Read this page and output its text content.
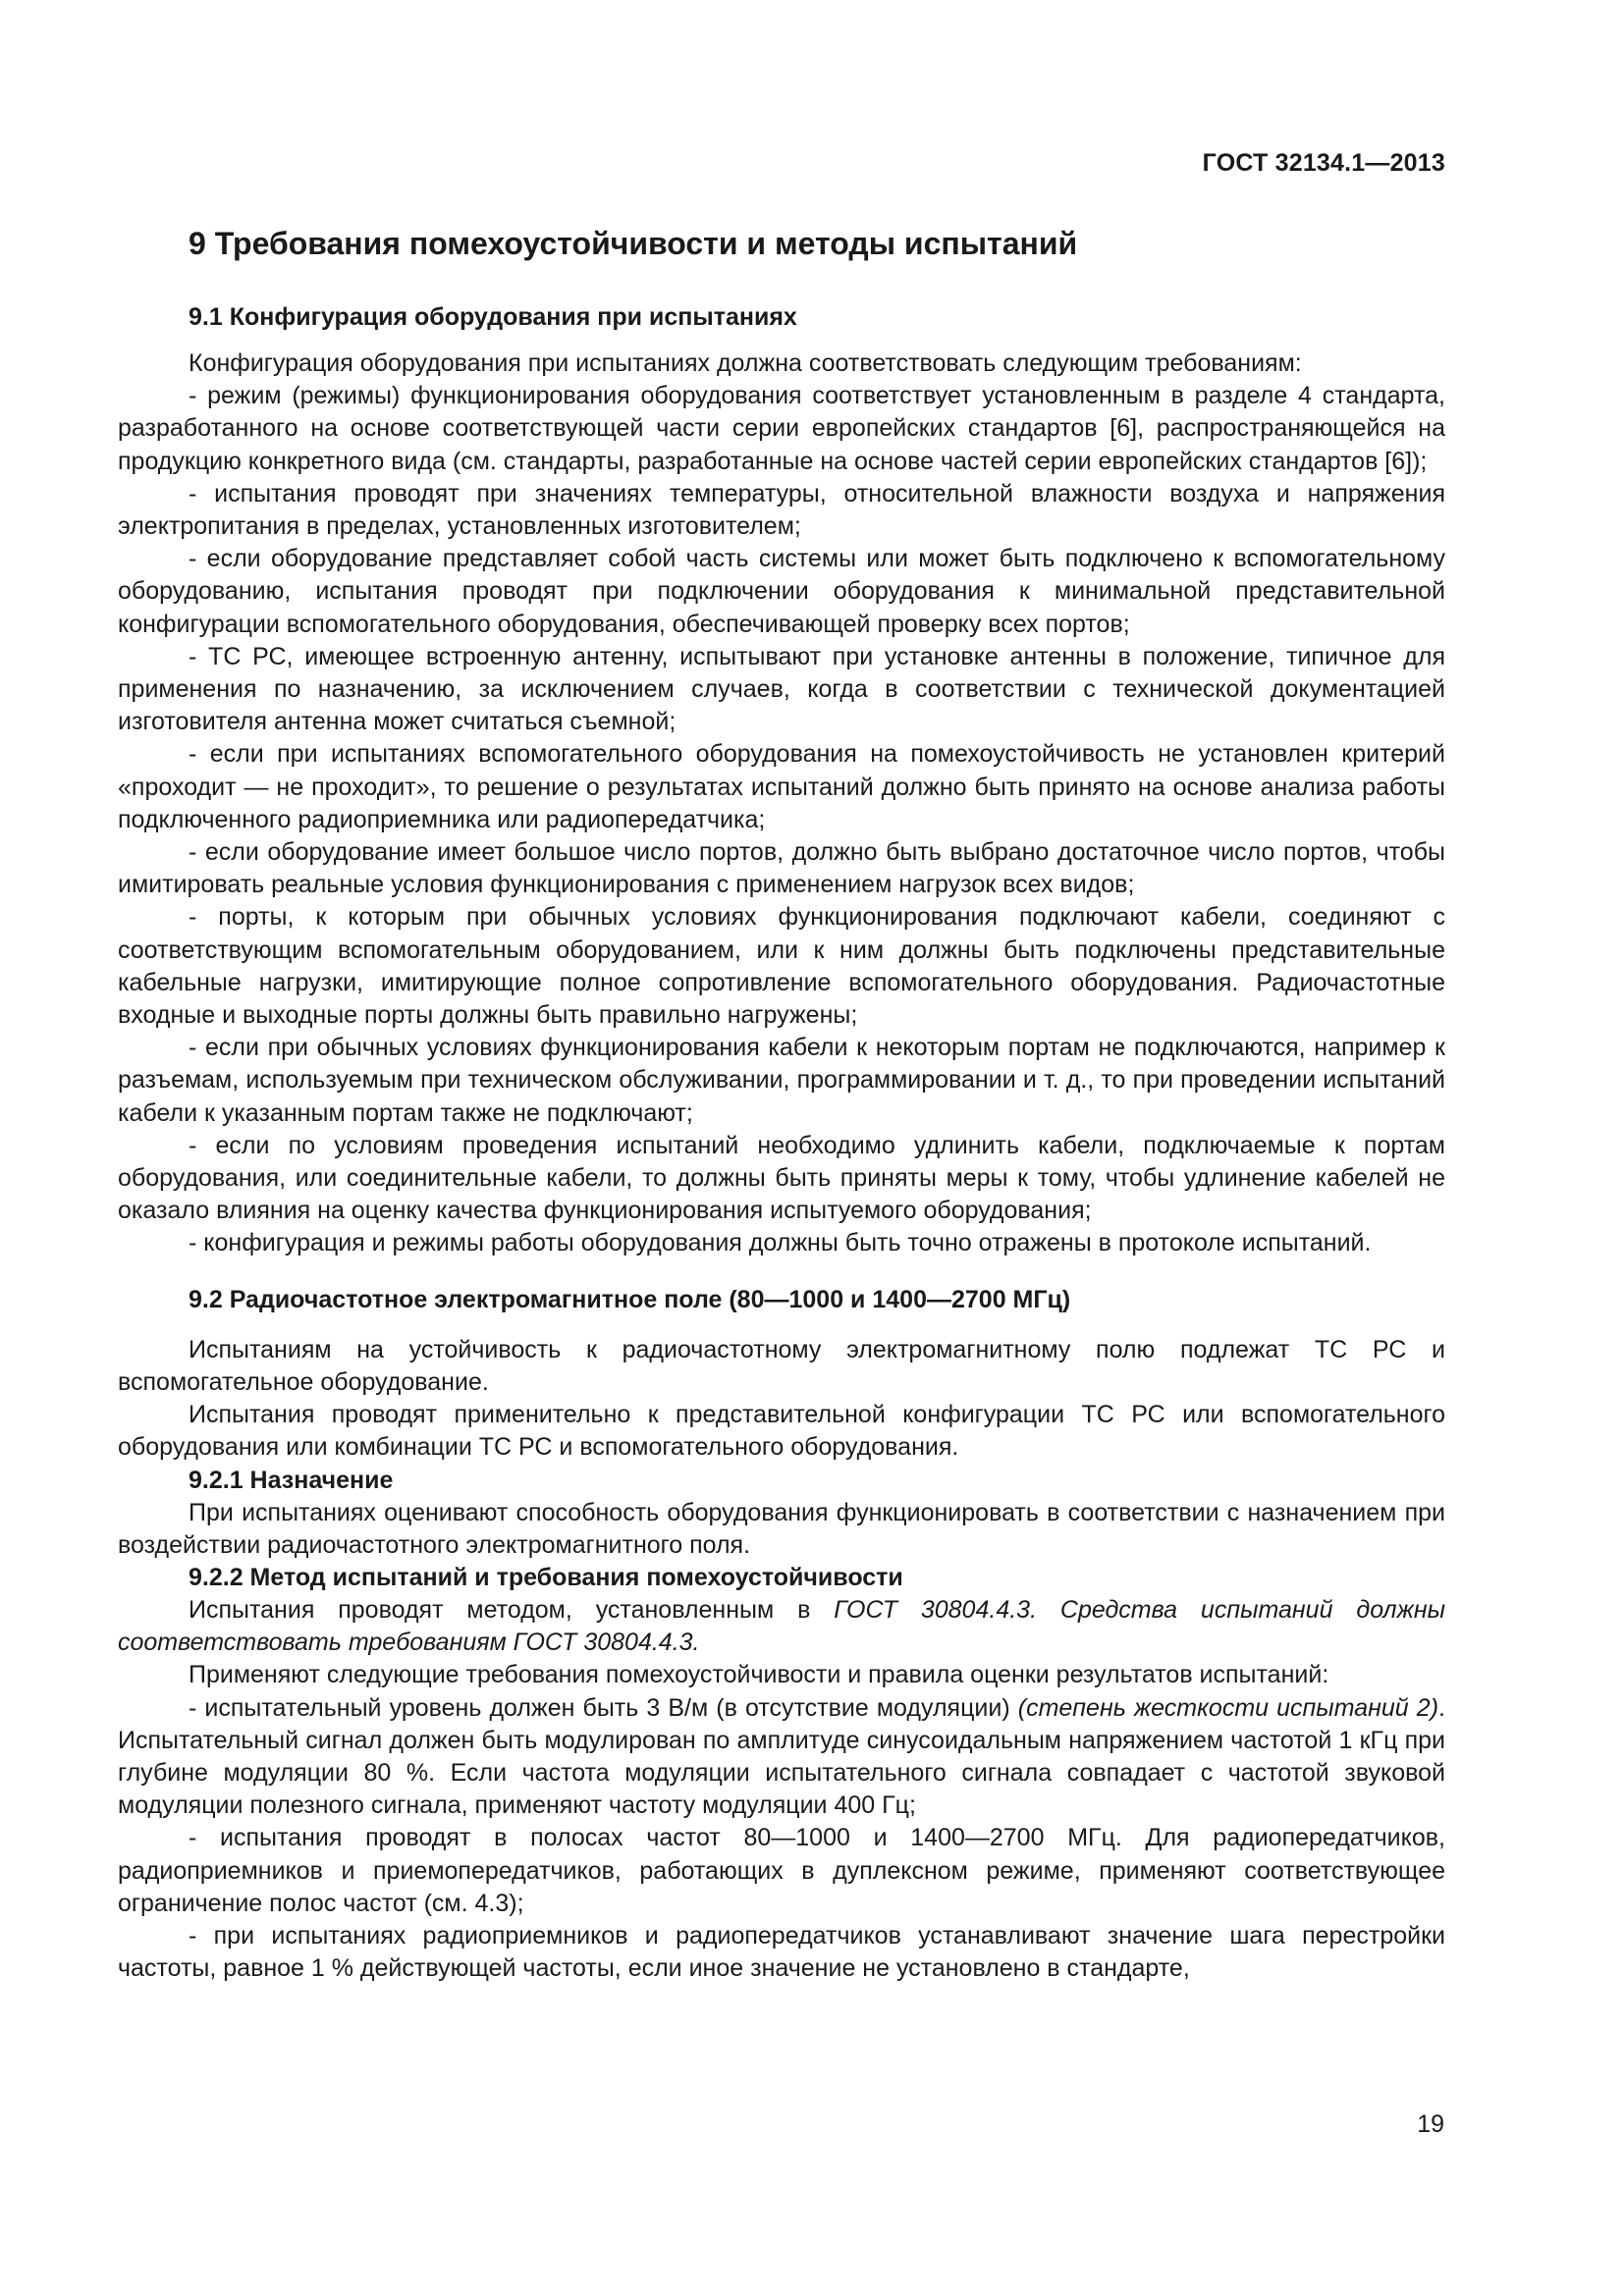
ГОСТ 32134.1—2013
9 Требования помехоустойчивости и методы испытаний
9.1 Конфигурация оборудования при испытаниях

Конфигурация оборудования при испытаниях должна соответствовать следующим требованиям:

- режим (режимы) функционирования оборудования соответствует установленным в разделе 4 стандарта, разработанного на основе соответствующей части серии европейских стандартов [6], распространяющейся на продукцию конкретного вида (см. стандарты, разработанные на основе частей серии европейских стандартов [6]);

- испытания проводят при значениях температуры, относительной влажности воздуха и напряжения электропитания в пределах, установленных изготовителем;

- если оборудование представляет собой часть системы или может быть подключено к вспомогательному оборудованию, испытания проводят при подключении оборудования к минимальной представительной конфигурации вспомогательного оборудования, обеспечивающей проверку всех портов;

- ТС РС, имеющее встроенную антенну, испытывают при установке антенны в положение, типичное для применения по назначению, за исключением случаев, когда в соответствии с технической документацией изготовителя антенна может считаться съемной;

- если при испытаниях вспомогательного оборудования на помехоустойчивость не установлен критерий «проходит — не проходит», то решение о результатах испытаний должно быть принято на основе анализа работы подключенного радиоприемника или радиопередатчика;

- если оборудование имеет большое число портов, должно быть выбрано достаточное число портов, чтобы имитировать реальные условия функционирования с применением нагрузок всех видов;

- порты, к которым при обычных условиях функционирования подключают кабели, соединяют с соответствующим вспомогательным оборудованием, или к ним должны быть подключены представительные кабельные нагрузки, имитирующие полное сопротивление вспомогательного оборудования. Радиочастотные входные и выходные порты должны быть правильно нагружены;

- если при обычных условиях функционирования кабели к некоторым портам не подключаются, например к разъемам, используемым при техническом обслуживании, программировании и т. д., то при проведении испытаний кабели к указанным портам также не подключают;

- если по условиям проведения испытаний необходимо удлинить кабели, подключаемые к портам оборудования, или соединительные кабели, то должны быть приняты меры к тому, чтобы удлинение кабелей не оказало влияния на оценку качества функционирования испытуемого оборудования;

- конфигурация и режимы работы оборудования должны быть точно отражены в протоколе испытаний.

9.2 Радиочастотное электромагнитное поле (80—1000 и 1400—2700 МГц)

Испытаниям на устойчивость к радиочастотному электромагнитному полю подлежат ТС РС и вспомогательное оборудование.

Испытания проводят применительно к представительной конфигурации ТС РС или вспомогательного оборудования или комбинации ТС РС и вспомогательного оборудования.

9.2.1 Назначение

При испытаниях оценивают способность оборудования функционировать в соответствии с назначением при воздействии радиочастотного электромагнитного поля.

9.2.2 Метод испытаний и требования помехоустойчивости

Испытания проводят методом, установленным в ГОСТ 30804.4.3. Средства испытаний должны соответствовать требованиям ГОСТ 30804.4.3.

Применяют следующие требования помехоустойчивости и правила оценки результатов испытаний:

- испытательный уровень должен быть 3 В/м (в отсутствие модуляции) (степень жесткости испытаний 2). Испытательный сигнал должен быть модулирован по амплитуде синусоидальным напряжением частотой 1 кГц при глубине модуляции 80 %. Если частота модуляции испытательного сигнала совпадает с частотой звуковой модуляции полезного сигнала, применяют частоту модуляции 400 Гц;

- испытания проводят в полосах частот 80—1000 и 1400—2700 МГц. Для радиопередатчиков, радиоприемников и приемопередатчиков, работающих в дуплексном режиме, применяют соответствующее ограничение полос частот (см. 4.3);

- при испытаниях радиоприемников и радиопередатчиков устанавливают значение шага перестройки частоты, равное 1 % действующей частоты, если иное значение не установлено в стандарте,

19
